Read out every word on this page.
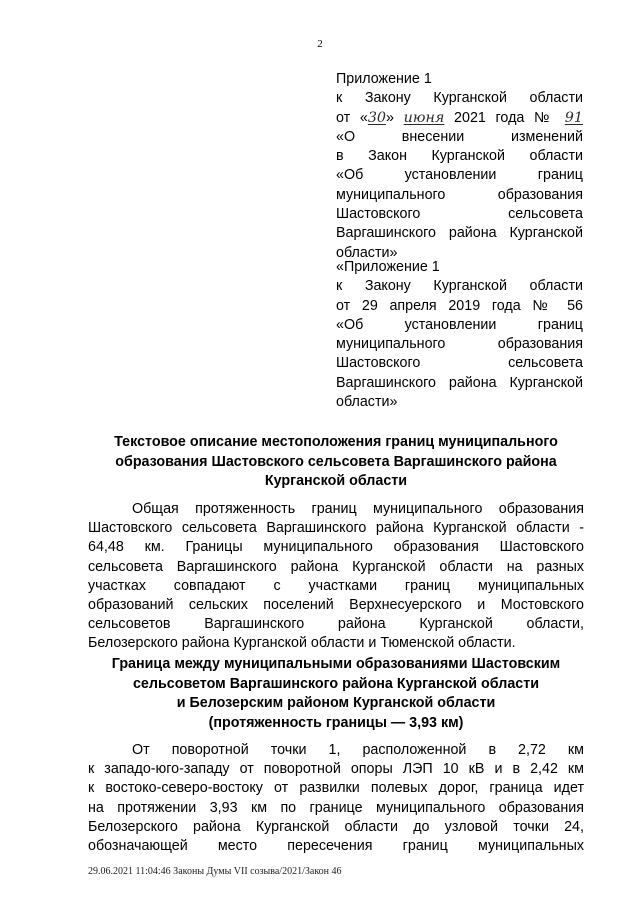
2
Приложение 1
к Закону Курганской области
от «30» июня 2021 года № 91
«О внесении изменений
в Закон Курганской области
«Об установлении границ
муниципального образования
Шастовского сельсовета
Варгашинского района Курганской
области»
«Приложение 1
к Закону Курганской области
от 29 апреля 2019 года № 56
«Об установлении границ
муниципального образования
Шастовского сельсовета
Варгашинского района Курганской
области»
Текстовое описание местоположения границ муниципального
образования Шастовского сельсовета Варгашинского района
Курганской области
Общая протяженность границ муниципального образования
Шастовского сельсовета Варгашинского района Курганской области -
64,48 км. Границы муниципального образования Шастовского
сельсовета Варгашинского района Курганской области на разных
участках совпадают с участками границ муниципальных
образований сельских поселений Верхнесуерского и Мостовского
сельсоветов Варгашинского района Курганской области,
Белозерского района Курганской области и Тюменской области.
Граница между муниципальными образованиями Шастовским
сельсоветом Варгашинского района Курганской области
и Белозерским районом Курганской области
(протяженность границы — 3,93 км)
От поворотной точки 1, расположенной в 2,72 км
к западо-юго-западу от поворотной опоры ЛЭП 10 кВ и в 2,42 км
к востоко-северо-востоку от развилки полевых дорог, граница идет
на протяжении 3,93 км по границе муниципального образования
Белозерского района Курганской области до узловой точки 24,
обозначающей место пересечения границ муниципальных
29.06.2021 11:04:46 Законы Думы VII созыва/2021/Закон 46
